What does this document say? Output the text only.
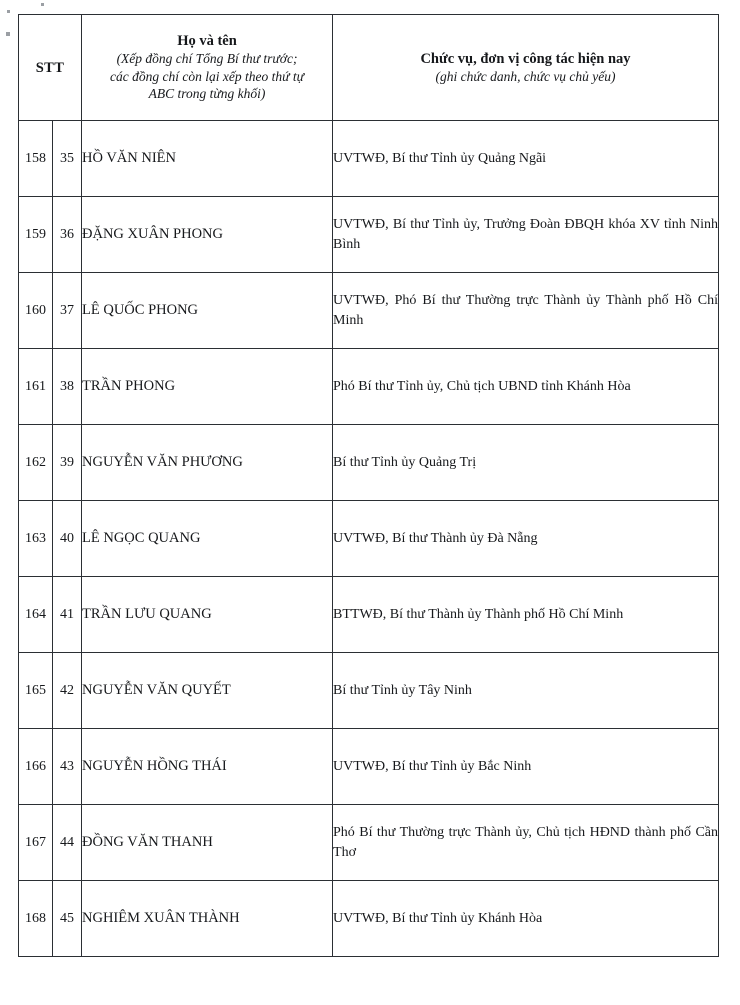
STT		Họ và tên
(Xếp đồng chí Tổng Bí thư trước;
các đồng chí còn lại xếp theo thứ tự
ABC trong từng khối)	Chức vụ, đơn vị công tác hiện nay
(ghi chức danh, chức vụ chủ yếu)

158	35	HỒ VĂN NIÊN	UVTWĐ, Bí thư Tỉnh ủy Quảng Ngãi

159	36	ĐẶNG XUÂN PHONG	UVTWĐ, Bí thư Tỉnh ủy, Trưởng Đoàn ĐBQH khóa XV tỉnh Ninh Bình

160	37	LÊ QUỐC PHONG	UVTWĐ, Phó Bí thư Thường trực Thành ủy Thành phố Hồ Chí Minh

161	38	TRẦN PHONG	Phó Bí thư Tỉnh ủy, Chủ tịch UBND tỉnh Khánh Hòa

162	39	NGUYỄN VĂN PHƯƠNG	Bí thư Tỉnh ủy Quảng Trị

163	40	LÊ NGỌC QUANG	UVTWĐ, Bí thư Thành ủy Đà Nẵng

164	41	TRẦN LƯU QUANG	BTTWĐ, Bí thư Thành ủy Thành phố Hồ Chí Minh

165	42	NGUYỄN VĂN QUYẾT	Bí thư Tỉnh ủy Tây Ninh

166	43	NGUYỄN HỒNG THÁI	UVTWĐ, Bí thư Tỉnh ủy Bắc Ninh

167	44	ĐỒNG VĂN THANH	Phó Bí thư Thường trực Thành ủy, Chủ tịch HĐND thành phố Cần Thơ

168	45	NGHIÊM XUÂN THÀNH	UVTWĐ, Bí thư Tỉnh ủy Khánh Hòa
